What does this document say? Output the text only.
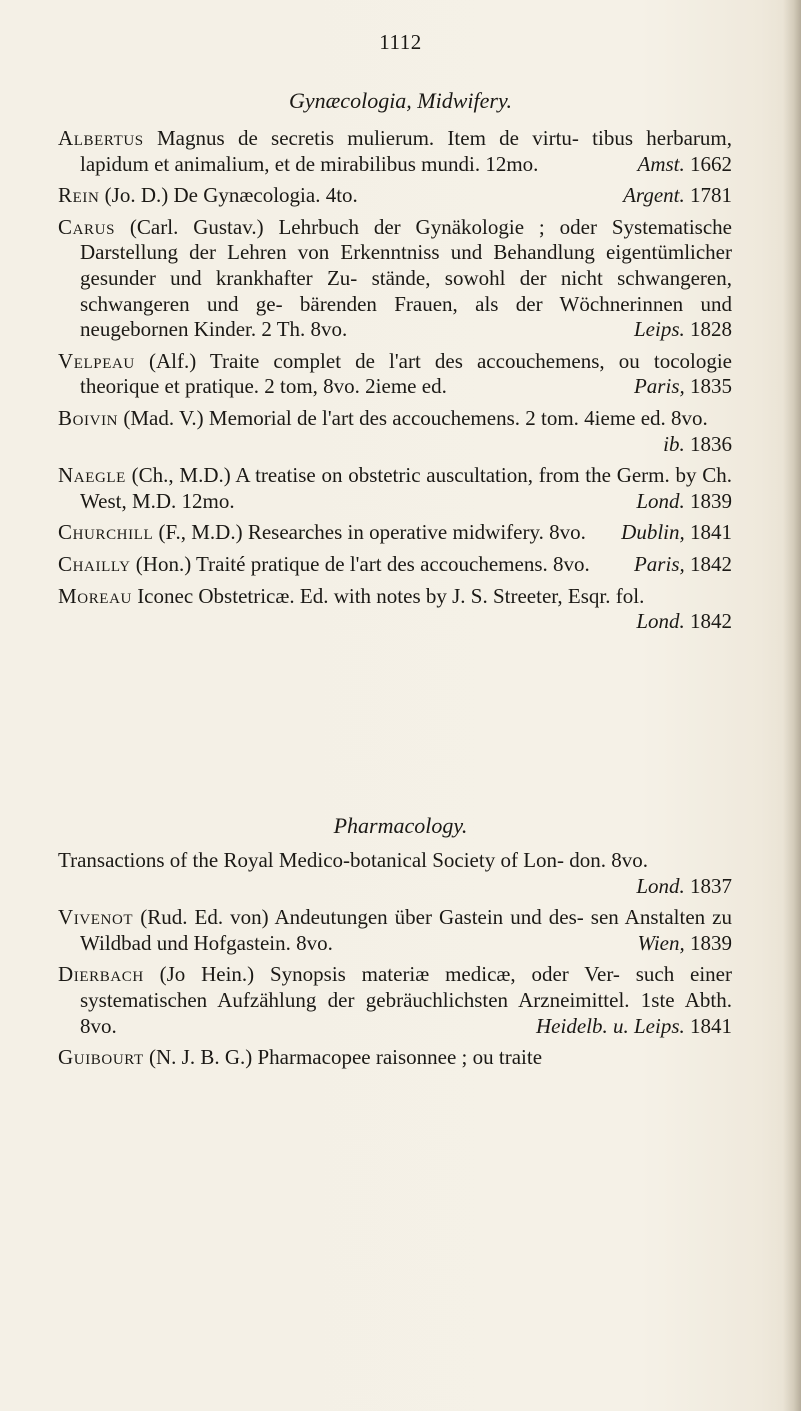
1112
Gynæcologia, Midwifery.
Albertus Magnus de secretis mulierum. Item de virtu- tibus herbarum, lapidum et animalium, et de mirabilibus mundi. 12mo.	Amst. 1662
Rein (Jo. D.) De Gynæcologia. 4to.	Argent. 1781
Carus (Carl. Gustav.) Lehrbuch der Gynäkologie ; oder Systematische Darstellung der Lehren von Erkenntniss und Behandlung eigentümlicher gesunder und krankhafter Zu- stände, sowohl der nicht schwangeren, schwangeren und ge- bärenden Frauen, als der Wöchnerinnen und neugebornen Kinder. 2 Th. 8vo.	Leips. 1828
Velpeau (Alf.) Traite complet de l'art des accouchemens, ou tocologie theorique et pratique. 2 tom, 8vo. 2ieme ed.	Paris, 1835
Boivin (Mad. V.) Memorial de l'art des accouchemens. 2 tom. 4ieme ed. 8vo.
ib. 1836
Naegle (Ch., M.D.) A treatise on obstetric auscultation, from the Germ. by Ch. West, M.D. 12mo.	Lond. 1839
Churchill (F., M.D.) Researches in operative midwifery. 8vo. Dublin, 1841
Chailly (Hon.) Traité pratique de l'art des accouchemens. 8vo. Paris, 1842
Moreau Iconec Obstetricæ. Ed. with notes by J. S. Streeter, Esqr. fol.
Lond. 1842
Pharmacology.
Transactions of the Royal Medico-botanical Society of Lon- don. 8vo.
Lond. 1837
Vivenot (Rud. Ed. von) Andeutungen über Gastein und des- sen Anstalten zu Wildbad und Hofgastein. 8vo.	Wien, 1839
Dierbach (Jo Hein.) Synopsis materiæ medicæ, oder Ver- such einer systematischen Aufzählung der gebräuchlichsten Arzneimittel. 1ste Abth. 8vo.	Heidelb. u. Leips. 1841
Guibourt (N. J. B. G.) Pharmacopee raisonnee ; ou traite
